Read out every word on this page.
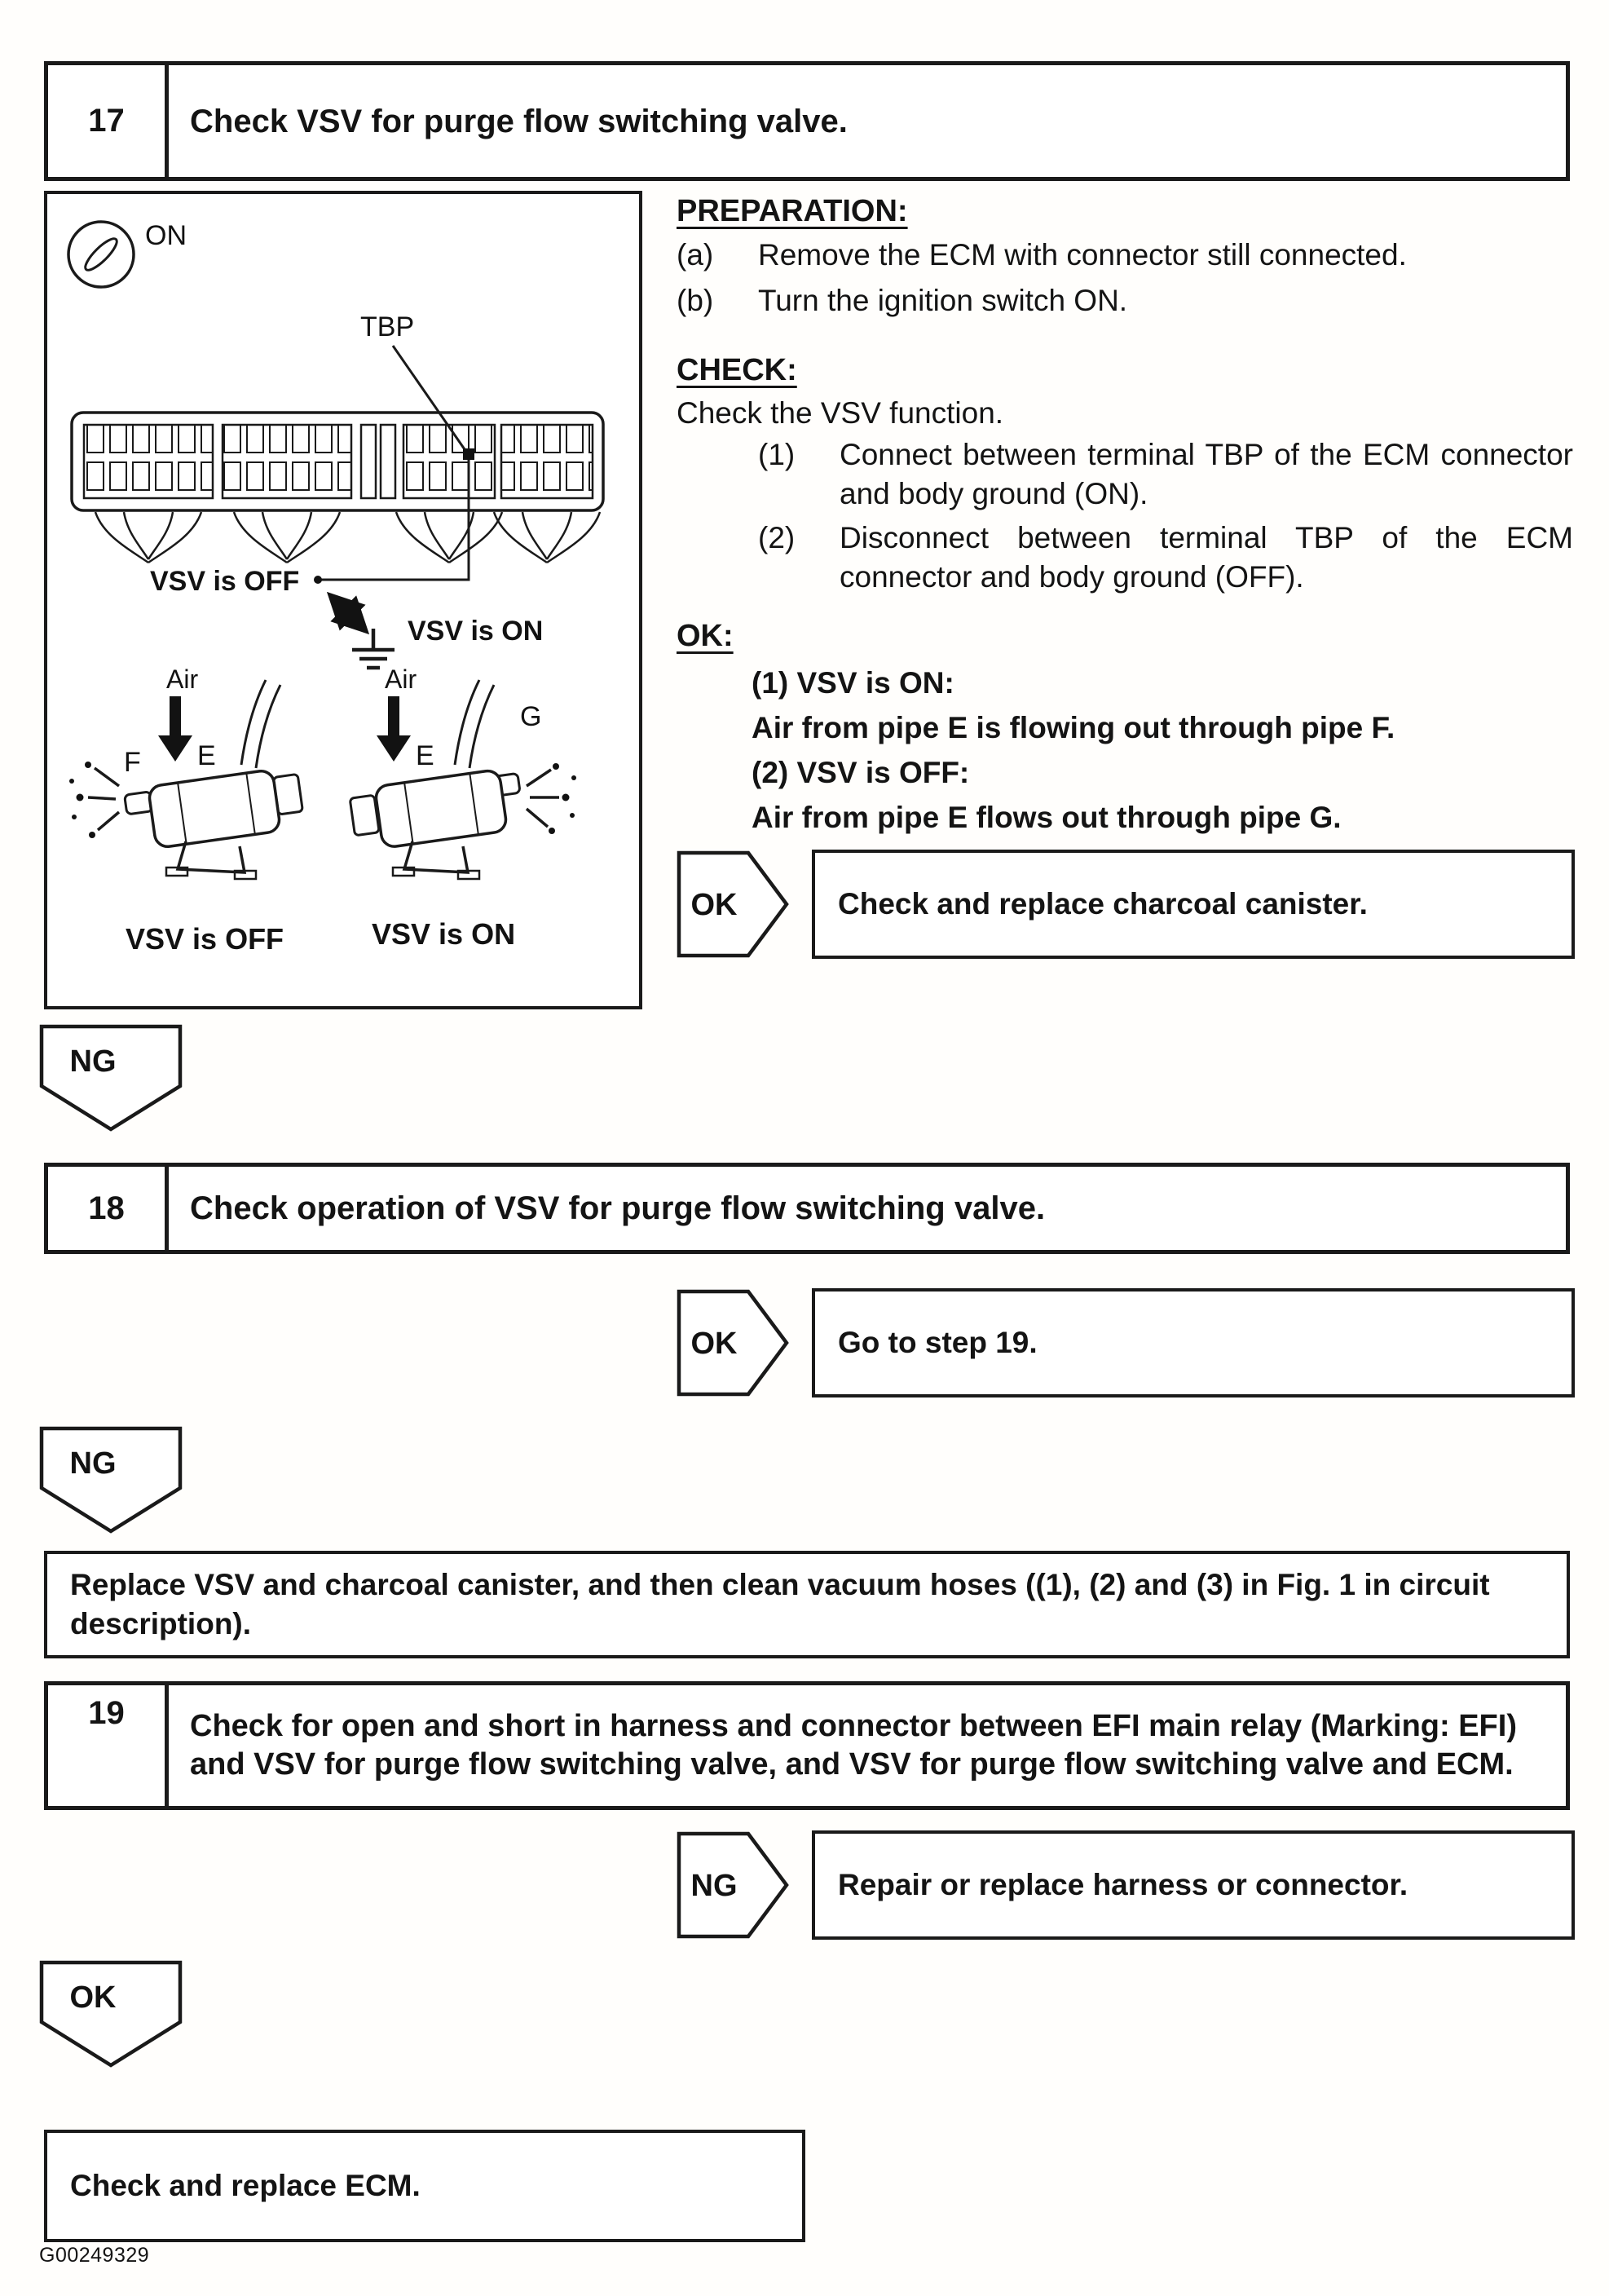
17	Check VSV for purge flow switching valve.
ON
TBP
VSV is OFF
VSV is ON
Air
F E
VSV is OFF
Air
E
G
VSV is ON
PREPARATION:
(a)	Remove the ECM with connector still connected.
(b)	Turn the ignition switch ON.
CHECK:
Check the VSV function.
(1)	Connect between terminal TBP of the ECM connector and body ground (ON).
(2)	Disconnect between terminal TBP of the ECM connector and body ground (OFF).
OK:
(1) VSV is ON:
Air from pipe E is flowing out through pipe F.
(2) VSV is OFF:
Air from pipe E flows out through pipe G.
OK	Check and replace charcoal canister.
NG
18	Check operation of VSV for purge flow switching valve.
OK	Go to step 19.
NG
Replace VSV and charcoal canister, and then clean vacuum hoses ((1), (2) and (3) in Fig. 1 in circuit description).
19	Check for open and short in harness and connector between EFI main relay (Marking: EFI) and VSV for purge flow switching valve, and VSV for purge flow switching valve and ECM.
NG	Repair or replace harness or connector.
OK
Check and replace ECM.
G00249329
